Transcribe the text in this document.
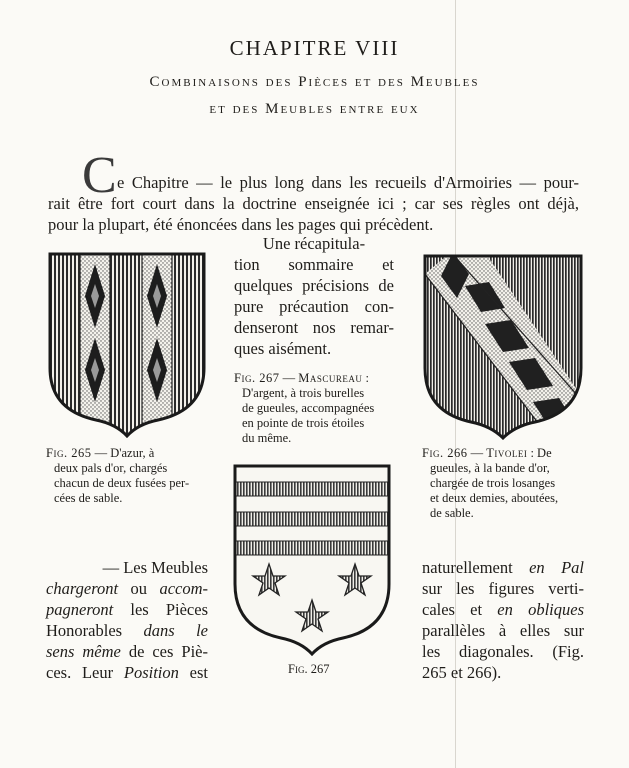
CHAPITRE VIII
Combinaisons des Pièces et des Meubles
et des Meubles entre eux
C e Chapitre — le plus long dans les recueils d'Armoiries — pour-
rait être fort court dans la doctrine enseignée ici ; car ses règles ont déjà,
pour la plupart, été énoncées dans les pages qui précèdent.
Une récapitula-
tion sommaire et
quelques précisions de
pure précaution con-
denseront nos remar-
ques aisément.
Fig. 267 — Mascureau :
D'argent, à trois burelles
de gueules, accompagnées
en pointe de trois étoiles
du même.
Fig. 265 — D'azur, à
deux pals d'or, chargés
chacun de deux fusées per-
cées de sable.
Fig. 266 — Tivolei : De
gueules, à la bande d'or,
chargée de trois losanges
et deux demies, aboutées,
de sable.
Fig. 267
— Les Meubles
chargeront ou accom-
pagneront les Pièces
Honorables dans le
sens même de ces Piè-
ces. Leur Position est
naturellement en Pal
sur les figures verti-
cales et en obliques
parallèles à elles sur
les diagonales. (Fig.
265 et 266).
